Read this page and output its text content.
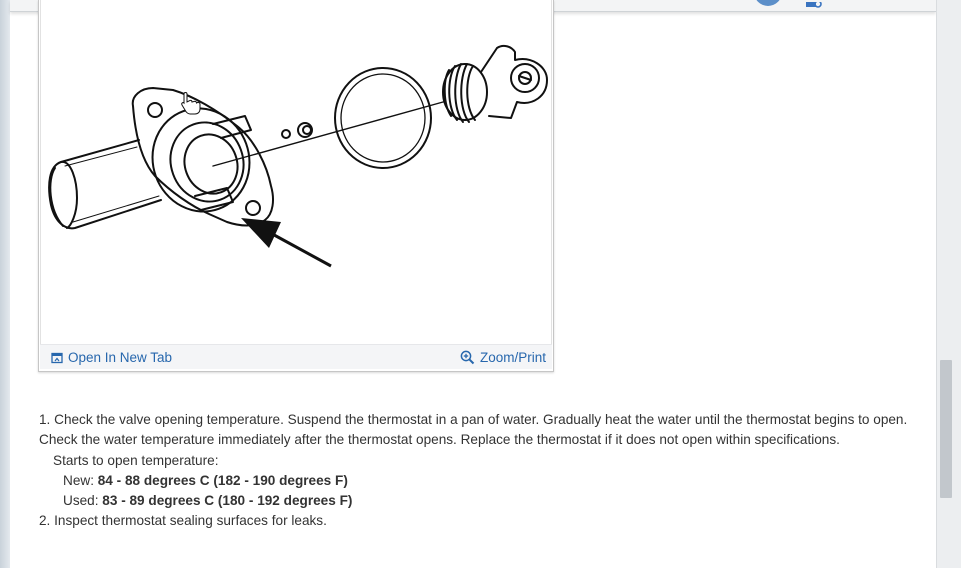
Open In New Tab	Zoom/Print

1. Check the valve opening temperature. Suspend the thermostat in a pan of water. Gradually heat the water until the thermostat begins to open. Check the water temperature immediately after the thermostat opens. Replace the thermostat if it does not open within specifications.

Starts to open temperature:

New: 84 - 88 degrees C (182 - 190 degrees F)

Used: 83 - 89 degrees C (180 - 192 degrees F)

2. Inspect thermostat sealing surfaces for leaks.
